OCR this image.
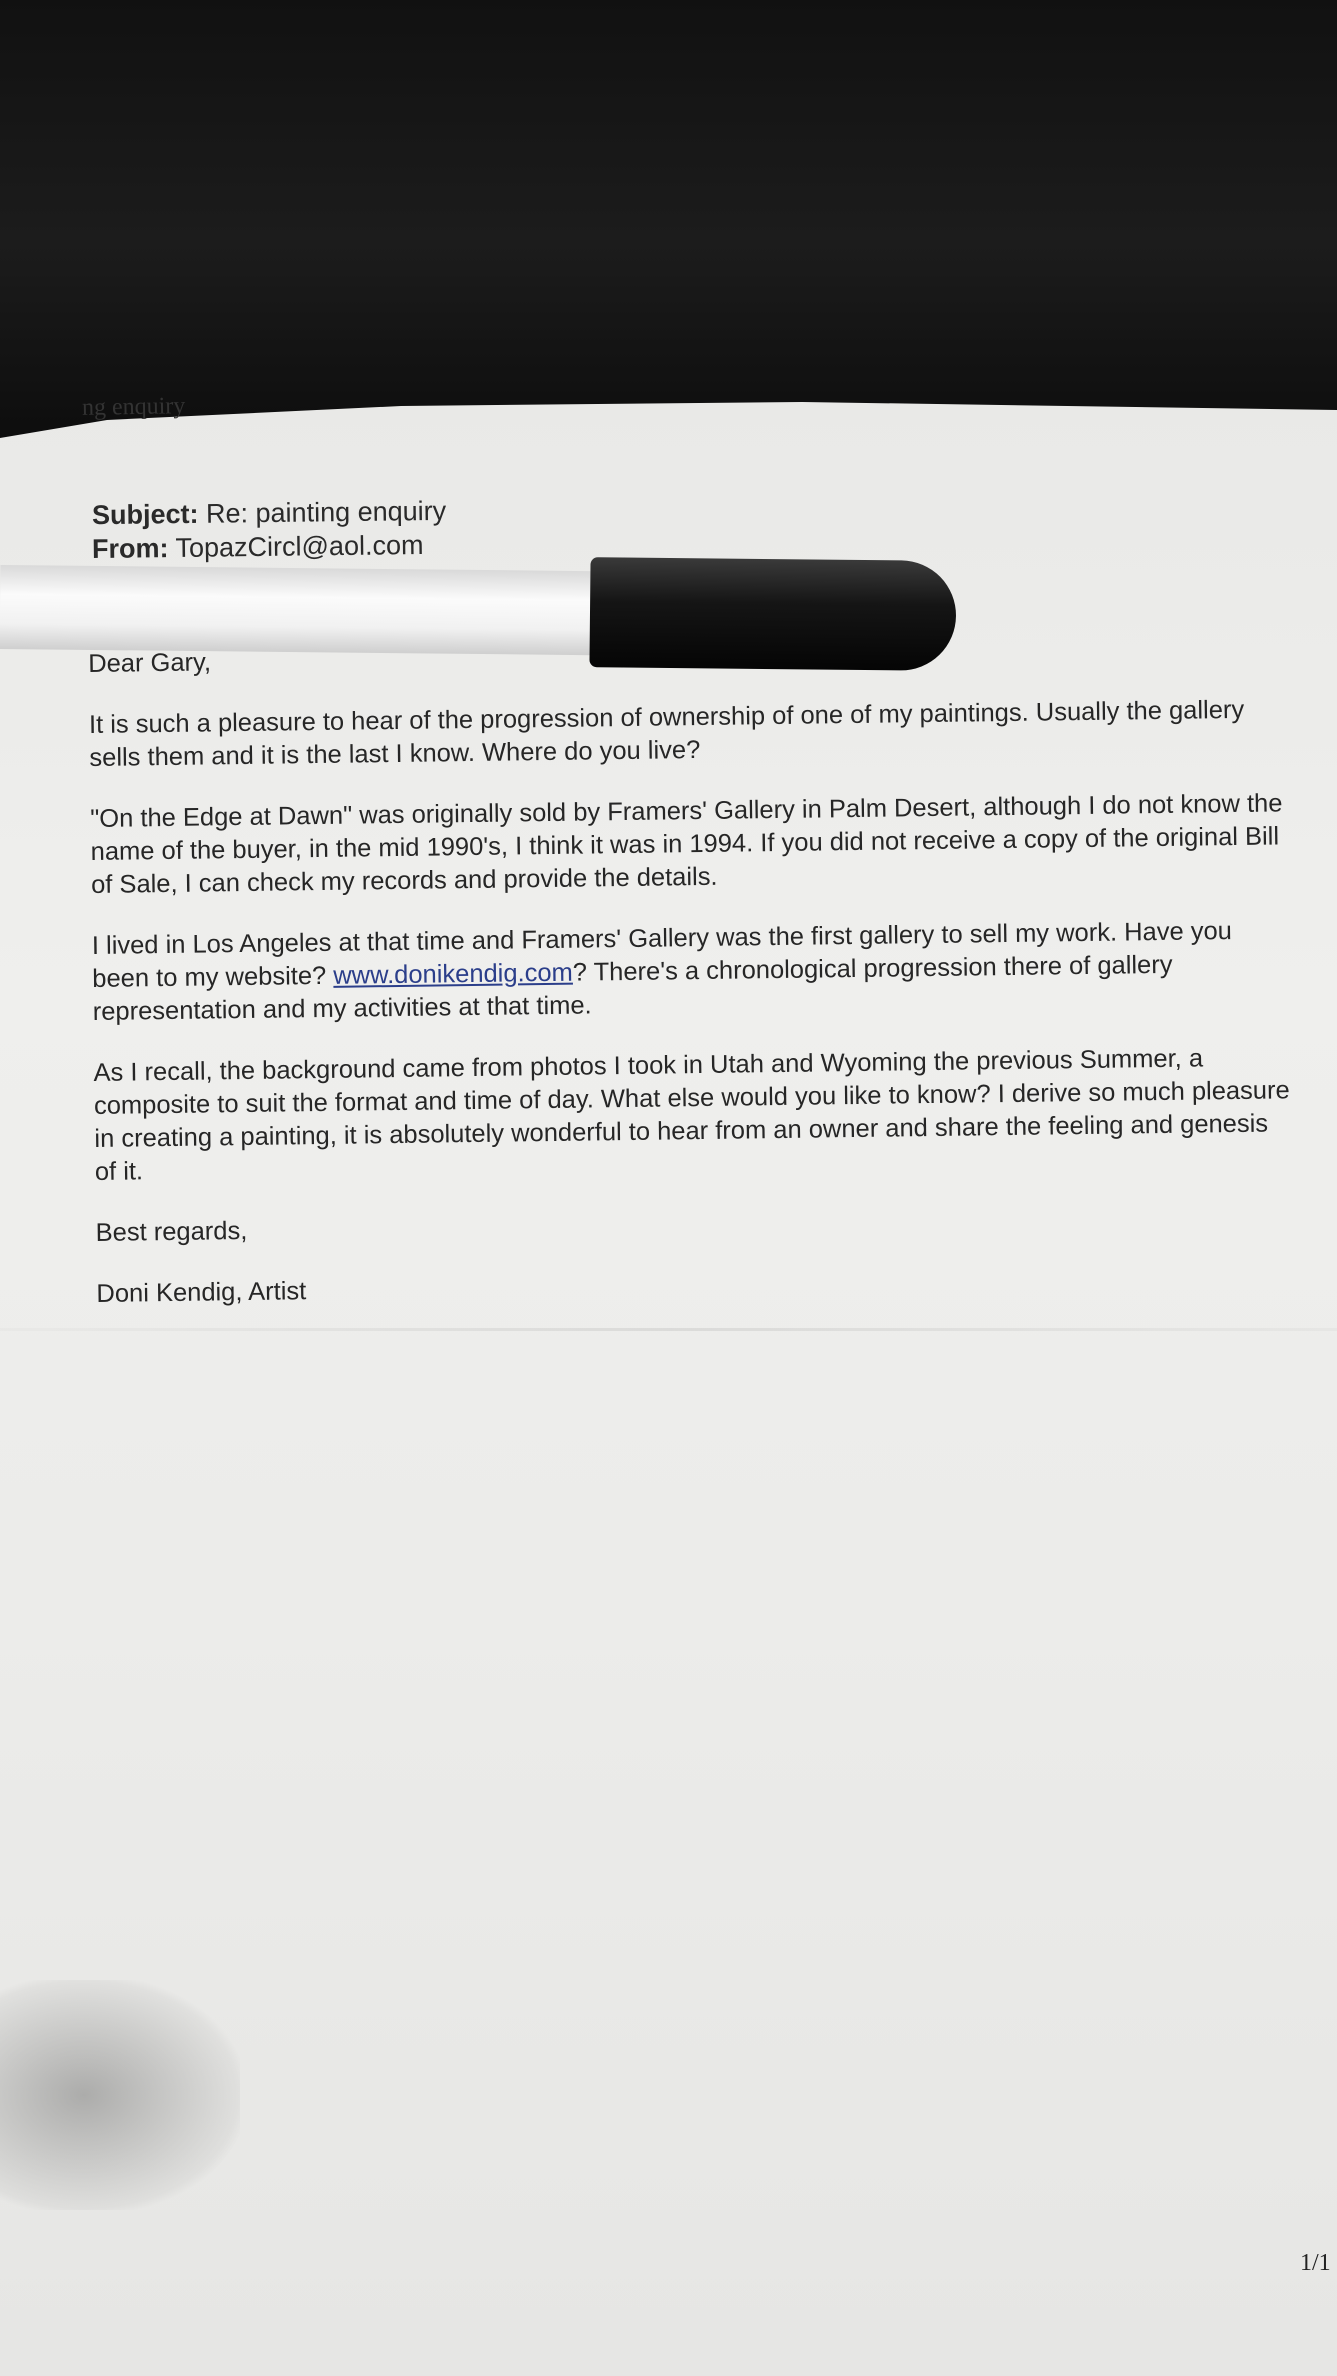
ng enquiry
Subject: Re: painting enquiry
From: TopazCircl@aol.com

Dear Gary,

It is such a pleasure to hear of the progression of ownership of one of my paintings. Usually the gallery sells them and it is the last I know. Where do you live?

"On the Edge at Dawn" was originally sold by Framers' Gallery in Palm Desert, although I do not know the name of the buyer, in the mid 1990's, I think it was in 1994. If you did not receive a copy of the original Bill of Sale, I can check my records and provide the details.

I lived in Los Angeles at that time and Framers' Gallery was the first gallery to sell my work. Have you been to my website? www.donikendig.com? There's a chronological progression there of gallery representation and my activities at that time.

As I recall, the background came from photos I took in Utah and Wyoming the previous Summer, a composite to suit the format and time of day. What else would you like to know? I derive so much pleasure in creating a painting, it is absolutely wonderful to hear from an owner and share the feeling and genesis of it.

Best regards,

Doni Kendig, Artist

1/1
